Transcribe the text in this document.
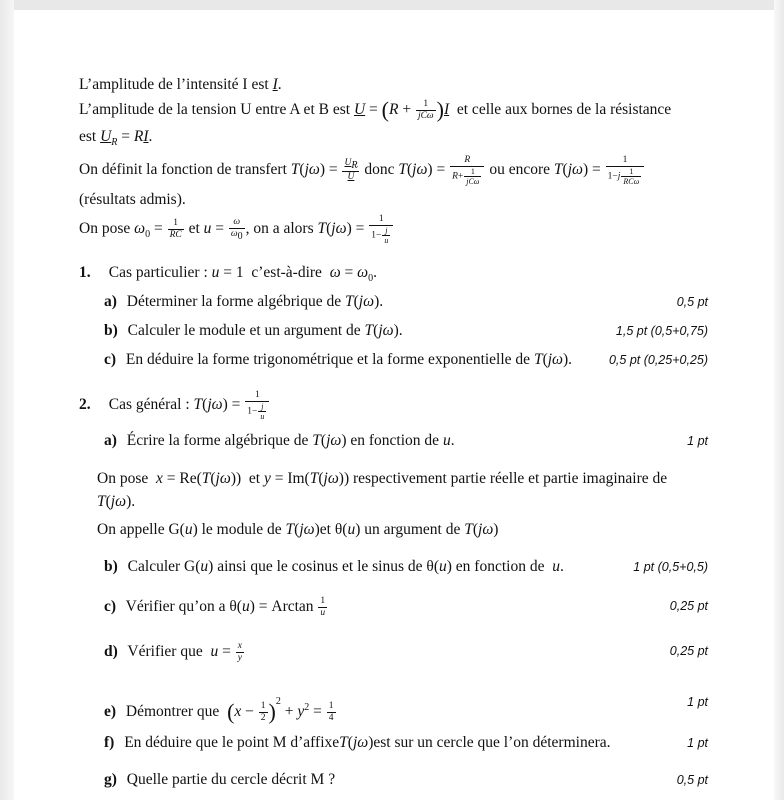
L’amplitude de l’intensité I est I.
L’amplitude de la tension U entre A et B est $U = (R + \frac{1}{\text{jCω}} )I$ et celle aux bornes de la résistance
est $U_R$ = RI.
On définit la fonction de transfert $T(j\omega) = \frac{U_R}{U}$ donc $T(j\omega) = \frac{R}{R+ \frac{1}{\text{jCω}}}$ ou encore $T(j\omega) = \frac{1}{1-j \frac{1}{\text{RCω}}}$
(résultats admis).
On pose $\omega_0 = \frac{1}{RC}$ et $u = \frac{\omega}{\omega_0}$ , on a alors $T(j\omega) = \frac{1}{1- \frac{j}{u}}$
1. Cas particulier : u = 1  c’est-à-dire $\omega = \omega_0$.
a) Déterminer la forme algébrique de T(jω).	0,5 pt
b) Calculer le module et un argument de T(jω).	1,5 pt (0,5+0,75)
c) En déduire la forme trigonométrique et la forme exponentielle de T(jω).	0,5 pt (0,25+0,25)
2. Cas général : $T(j\omega) = \frac{1}{1- \frac{j}{u}}$
a) Écrire la forme algébrique de T(jω) en fonction de u.	1 pt
On pose x = Re(T(jω))  et y = Im(T(jω)) respectivement partie réelle et partie imaginaire de
T(jω).
On appelle G(u) le module de T(jω)et θ(u) un argument de T(jω)
b) Calculer G(u) ainsi que le cosinus et le sinus de θ(u) en fonction de u.	1 pt (0,5+0,5)
c) Vérifier qu’on a θ(u) = Arctan $\frac{1}{u}$	0,25 pt
d) Vérifier que $u = \frac{x}{y}$	0,25 pt
e) Démontrer que $(x - \frac{1}{2} )^2 + y^2 = \frac{1}{4}$	1 pt
f) En déduire que le point M d’affixeT(jω)est sur un cercle que l’on déterminera.	1 pt
g) Quelle partie du cercle décrit M ?	0,5 pt
